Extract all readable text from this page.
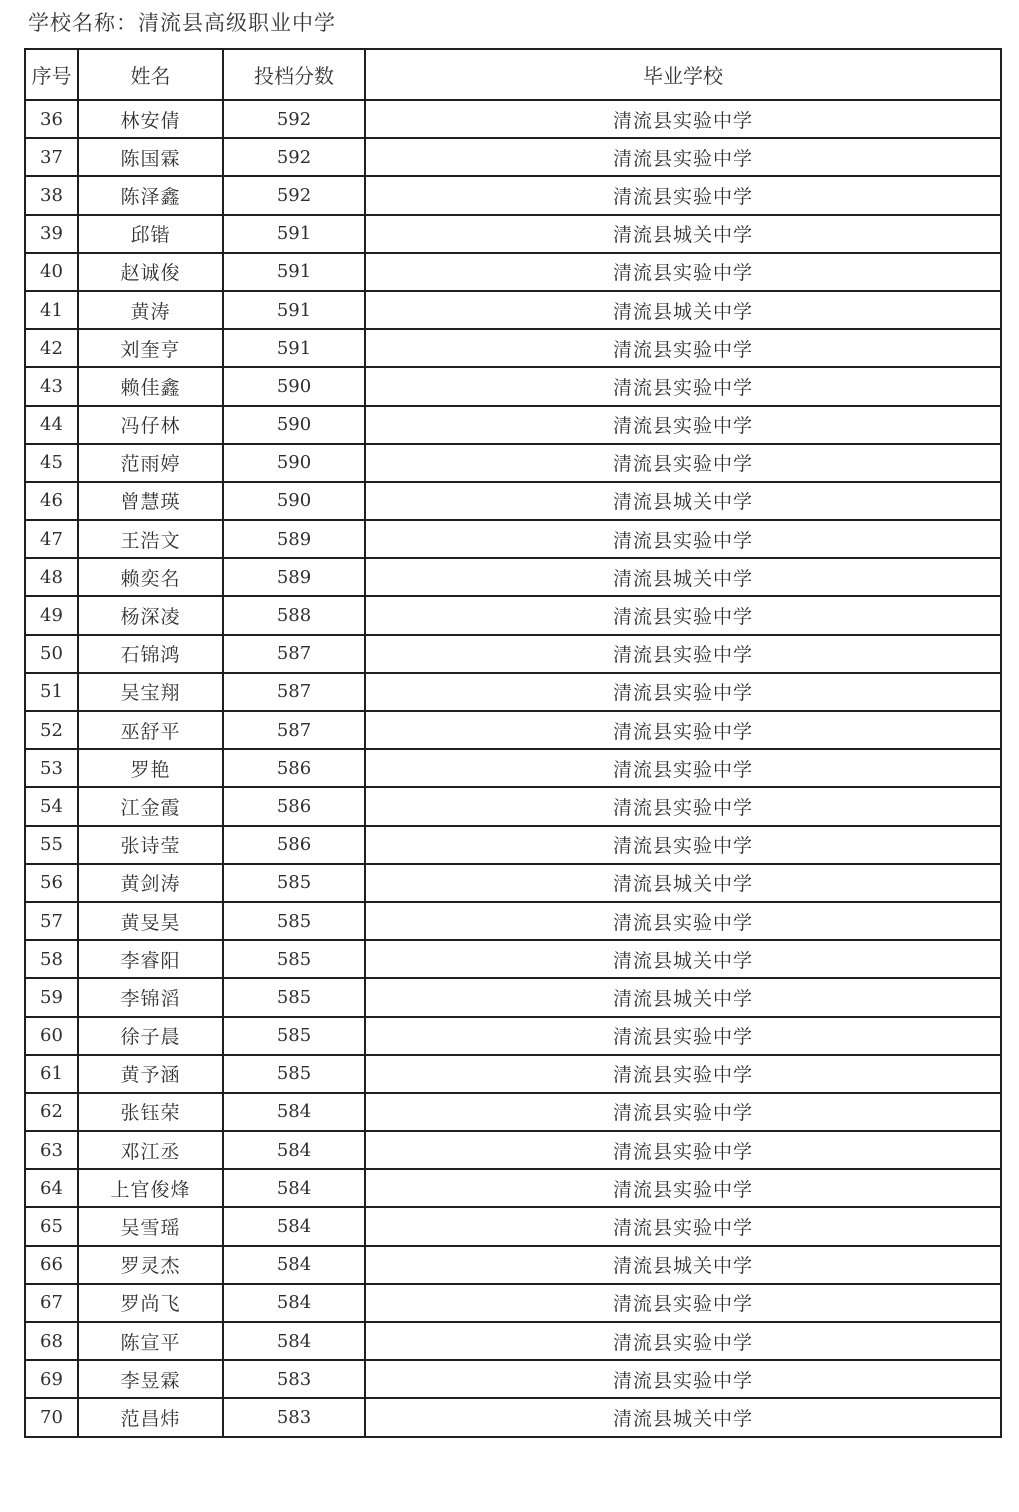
学校名称：清流县高级职业中学
序号	姓名	投档分数	毕业学校
36	林安倩	592	清流县实验中学
37	陈国霖	592	清流县实验中学
38	陈泽鑫	592	清流县实验中学
39	邱锴	591	清流县城关中学
40	赵诚俊	591	清流县实验中学
41	黄涛	591	清流县城关中学
42	刘奎亨	591	清流县实验中学
43	赖佳鑫	590	清流县实验中学
44	冯仔林	590	清流县实验中学
45	范雨婷	590	清流县实验中学
46	曾慧瑛	590	清流县城关中学
47	王浩文	589	清流县实验中学
48	赖奕名	589	清流县城关中学
49	杨深凌	588	清流县实验中学
50	石锦鸿	587	清流县实验中学
51	吴宝翔	587	清流县实验中学
52	巫舒平	587	清流县实验中学
53	罗艳	586	清流县实验中学
54	江金霞	586	清流县实验中学
55	张诗莹	586	清流县实验中学
56	黄剑涛	585	清流县城关中学
57	黄旻昊	585	清流县实验中学
58	李睿阳	585	清流县城关中学
59	李锦滔	585	清流县城关中学
60	徐子晨	585	清流县实验中学
61	黄予涵	585	清流县实验中学
62	张钰荣	584	清流县实验中学
63	邓江丞	584	清流县实验中学
64	上官俊烽	584	清流县实验中学
65	吴雪瑶	584	清流县实验中学
66	罗灵杰	584	清流县城关中学
67	罗尚飞	584	清流县实验中学
68	陈宣平	584	清流县实验中学
69	李昱霖	583	清流县实验中学
70	范昌炜	583	清流县城关中学
